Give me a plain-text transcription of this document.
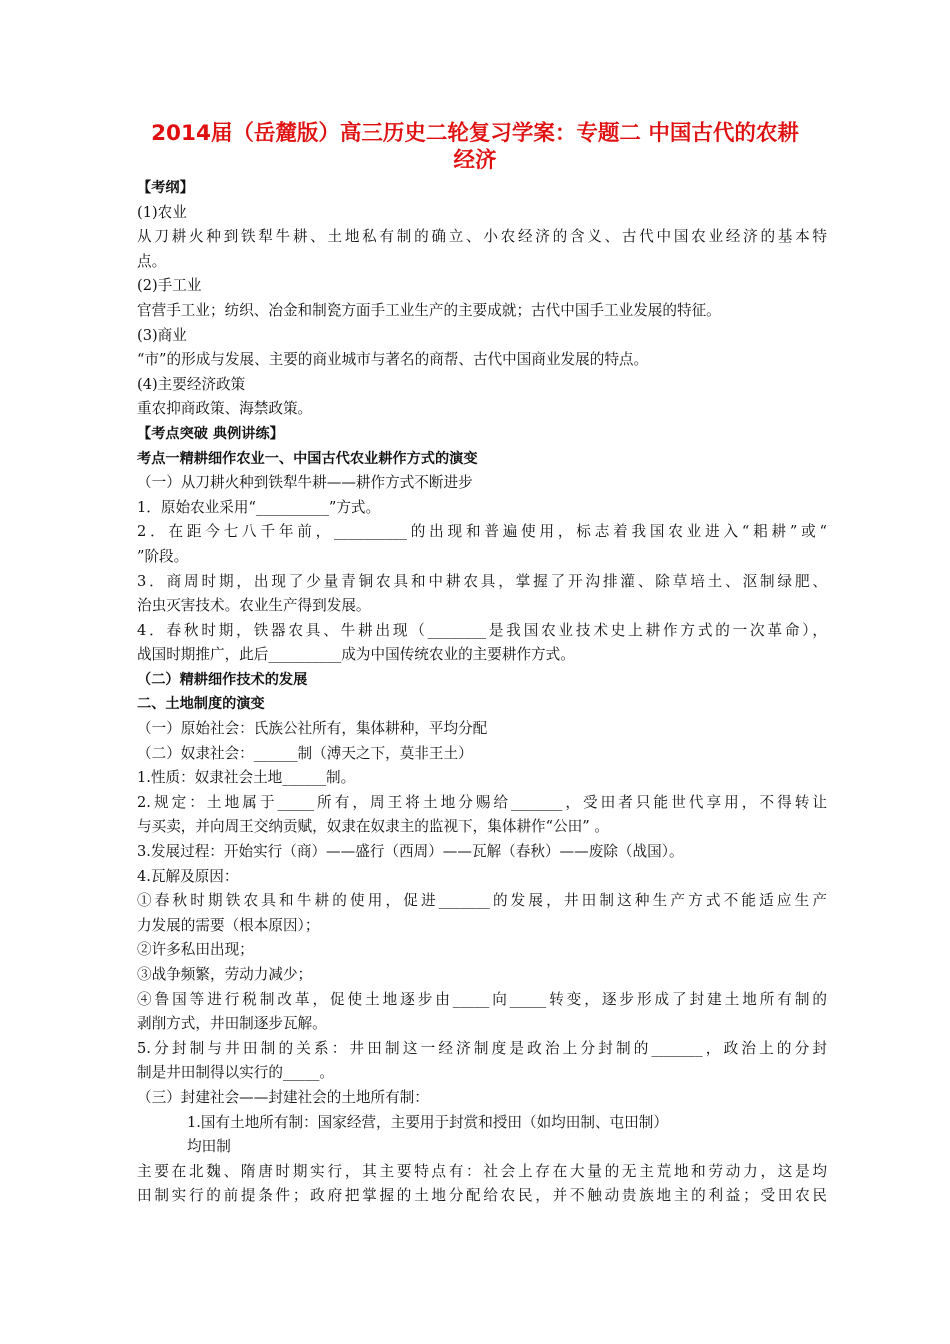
2014届（岳麓版）高三历史二轮复习学案：专题二 中国古代的农耕
经济
【考纲】
(1)农业
从刀耕火种到铁犁牛耕、土地私有制的确立、小农经济的含义、古代中国农业经济的基本特
点。
(2)手工业
官营手工业；纺织、冶金和制瓷方面手工业生产的主要成就；古代中国手工业发展的特征。
(3)商业
“市”的形成与发展、主要的商业城市与著名的商帮、古代中国商业发展的特点。
(4)主要经济政策
重农抑商政策、海禁政策。
【考点突破 典例讲练】
考点一精耕细作农业一、中国古代农业耕作方式的演变
（一）从刀耕火种到铁犁牛耕——耕作方式不断进步
1．原始农业采用“__________”方式。
2．在距今七八千年前，__________的出现和普遍使用，标志着我国农业进入“耜耕”或“
”阶段。
3．商周时期，出现了少量青铜农具和中耕农具，掌握了开沟排灌、除草培土、沤制绿肥、
治虫灭害技术。农业生产得到发展。
4．春秋时期，铁器农具、牛耕出现（________是我国农业技术史上耕作方式的一次革命），
战国时期推广，此后__________成为中国传统农业的主要耕作方式。
（二）精耕细作技术的发展
二、土地制度的演变
（一）原始社会：氏族公社所有，集体耕种，平均分配
（二）奴隶社会：______制（溥天之下，莫非王土）
1.性质：奴隶社会土地______制。
2.规定：土地属于_____所有，周王将土地分赐给_______，受田者只能世代享用，不得转让
与买卖，并向周王交纳贡赋，奴隶在奴隶主的监视下，集体耕作“公田” 。
3.发展过程：开始实行（商）——盛行（西周）——瓦解（春秋）——废除（战国）。
4.瓦解及原因：
①春秋时期铁农具和牛耕的使用，促进_______的发展，井田制这种生产方式不能适应生产
力发展的需要（根本原因）；
②许多私田出现；
③战争频繁，劳动力减少；
④鲁国等进行税制改革，促使土地逐步由_____向_____转变，逐步形成了封建土地所有制的
剥削方式，井田制逐步瓦解。
5.分封制与井田制的关系：井田制这一经济制度是政治上分封制的_______，政治上的分封
制是井田制得以实行的_____。
（三）封建社会——封建社会的土地所有制：
1.国有土地所有制：国家经营，主要用于封赏和授田（如均田制、屯田制）
均田制
主要在北魏、隋唐时期实行，其主要特点有：社会上存在大量的无主荒地和劳动力，这是均
田制实行的前提条件；政府把掌握的土地分配给农民，并不触动贵族地主的利益；受田农民
